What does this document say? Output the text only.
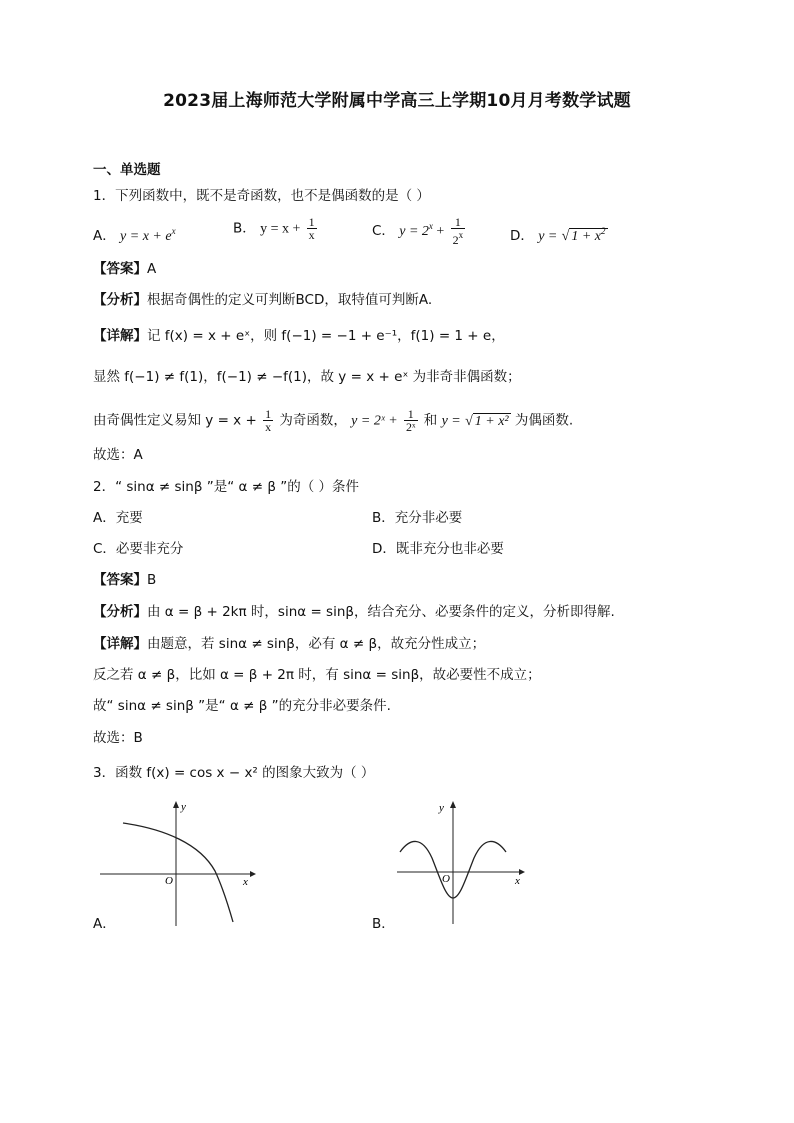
2023届上海师范大学附属中学高三上学期10月月考数学试题
一、单选题
1．下列函数中，既不是奇函数，也不是偶函数的是（ ）
A． $y = x + e^x$	B． $y = x + \frac{1}{x}$	C． $y = 2^x + \frac{1}{2^x}$	D． y = √ $1 + x^2$
【答案】A
【分析】根据奇偶性的定义可判断BCD，取特值可判断A.
【详解】记 f(x) = x + eˣ，则 f(−1) = −1 + e⁻¹，f(1) = 1 + e，
显然 f(−1) ≠ f(1)，f(−1) ≠ −f(1)，故 y = x + eˣ 为非奇非偶函数；
由奇偶性定义易知 $y = x + \frac{1}{x}$ 为奇函数， y = 2ˣ + $\frac{1}{\text{2ˣ}}$ 和 y = √ 1 + x² 为偶函数.
故选：A
2．“ sinα ≠ sinβ ”是“ α ≠ β ”的（ ）条件
A．充要	B．充分非必要
C．必要非充分	D．既非充分也非必要
【答案】B
【分析】由 α = β + 2kπ 时，sinα = sinβ，结合充分、必要条件的定义，分析即得解.
【详解】由题意，若 sinα ≠ sinβ，必有 α ≠ β，故充分性成立；
反之若 α ≠ β，比如 α = β + 2π 时，有 sinα = sinβ，故必要性不成立；
故“ sinα ≠ sinβ ”是“ α ≠ β ”的充分非必要条件.
故选：B
3．函数 f(x) = cos x − x² 的图象大致为（ ）
y
x
O
A．
y
x
O
B．
